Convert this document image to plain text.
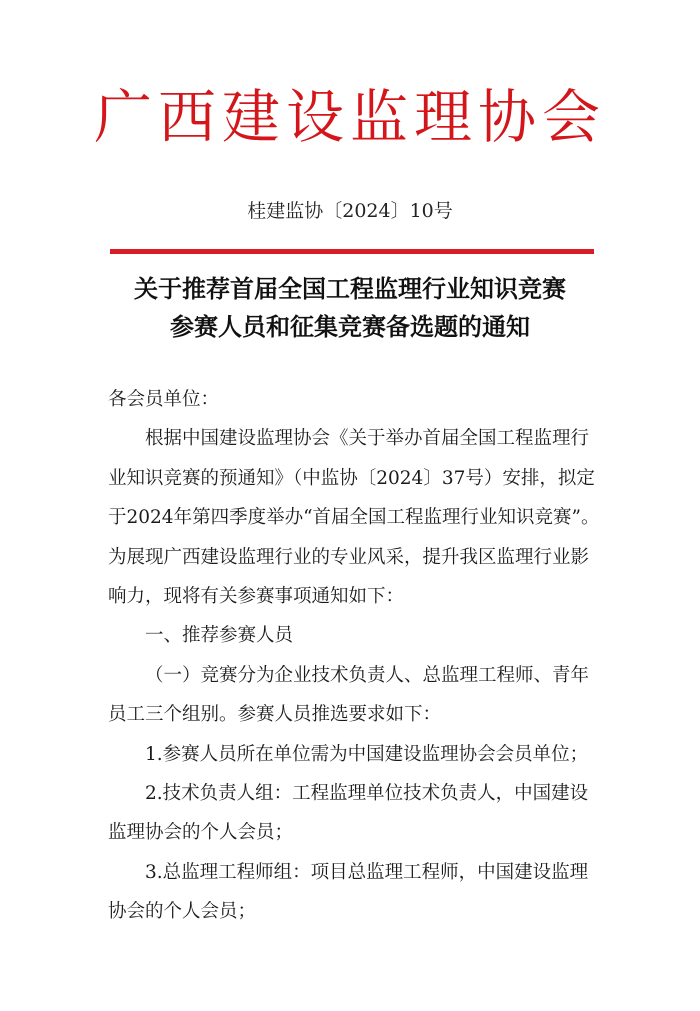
广西建设监理协会
桂建监协〔2024〕10号
关于推荐首届全国工程监理行业知识竞赛
参赛人员和征集竞赛备选题的通知

各会员单位：

根据中国建设监理协会《关于举办首届全国工程监理行业知识竞赛的预通知》（中监协〔2024〕37号）安排，拟定于2024年第四季度举办“首届全国工程监理行业知识竞赛”。为展现广西建设监理行业的专业风采，提升我区监理行业影响力，现将有关参赛事项通知如下：

一、推荐参赛人员

（一）竞赛分为企业技术负责人、总监理工程师、青年员工三个组别。参赛人员推选要求如下：

1.参赛人员所在单位需为中国建设监理协会会员单位；

2.技术负责人组：工程监理单位技术负责人，中国建设监理协会的个人会员；

3.总监理工程师组：项目总监理工程师，中国建设监理协会的个人会员；
